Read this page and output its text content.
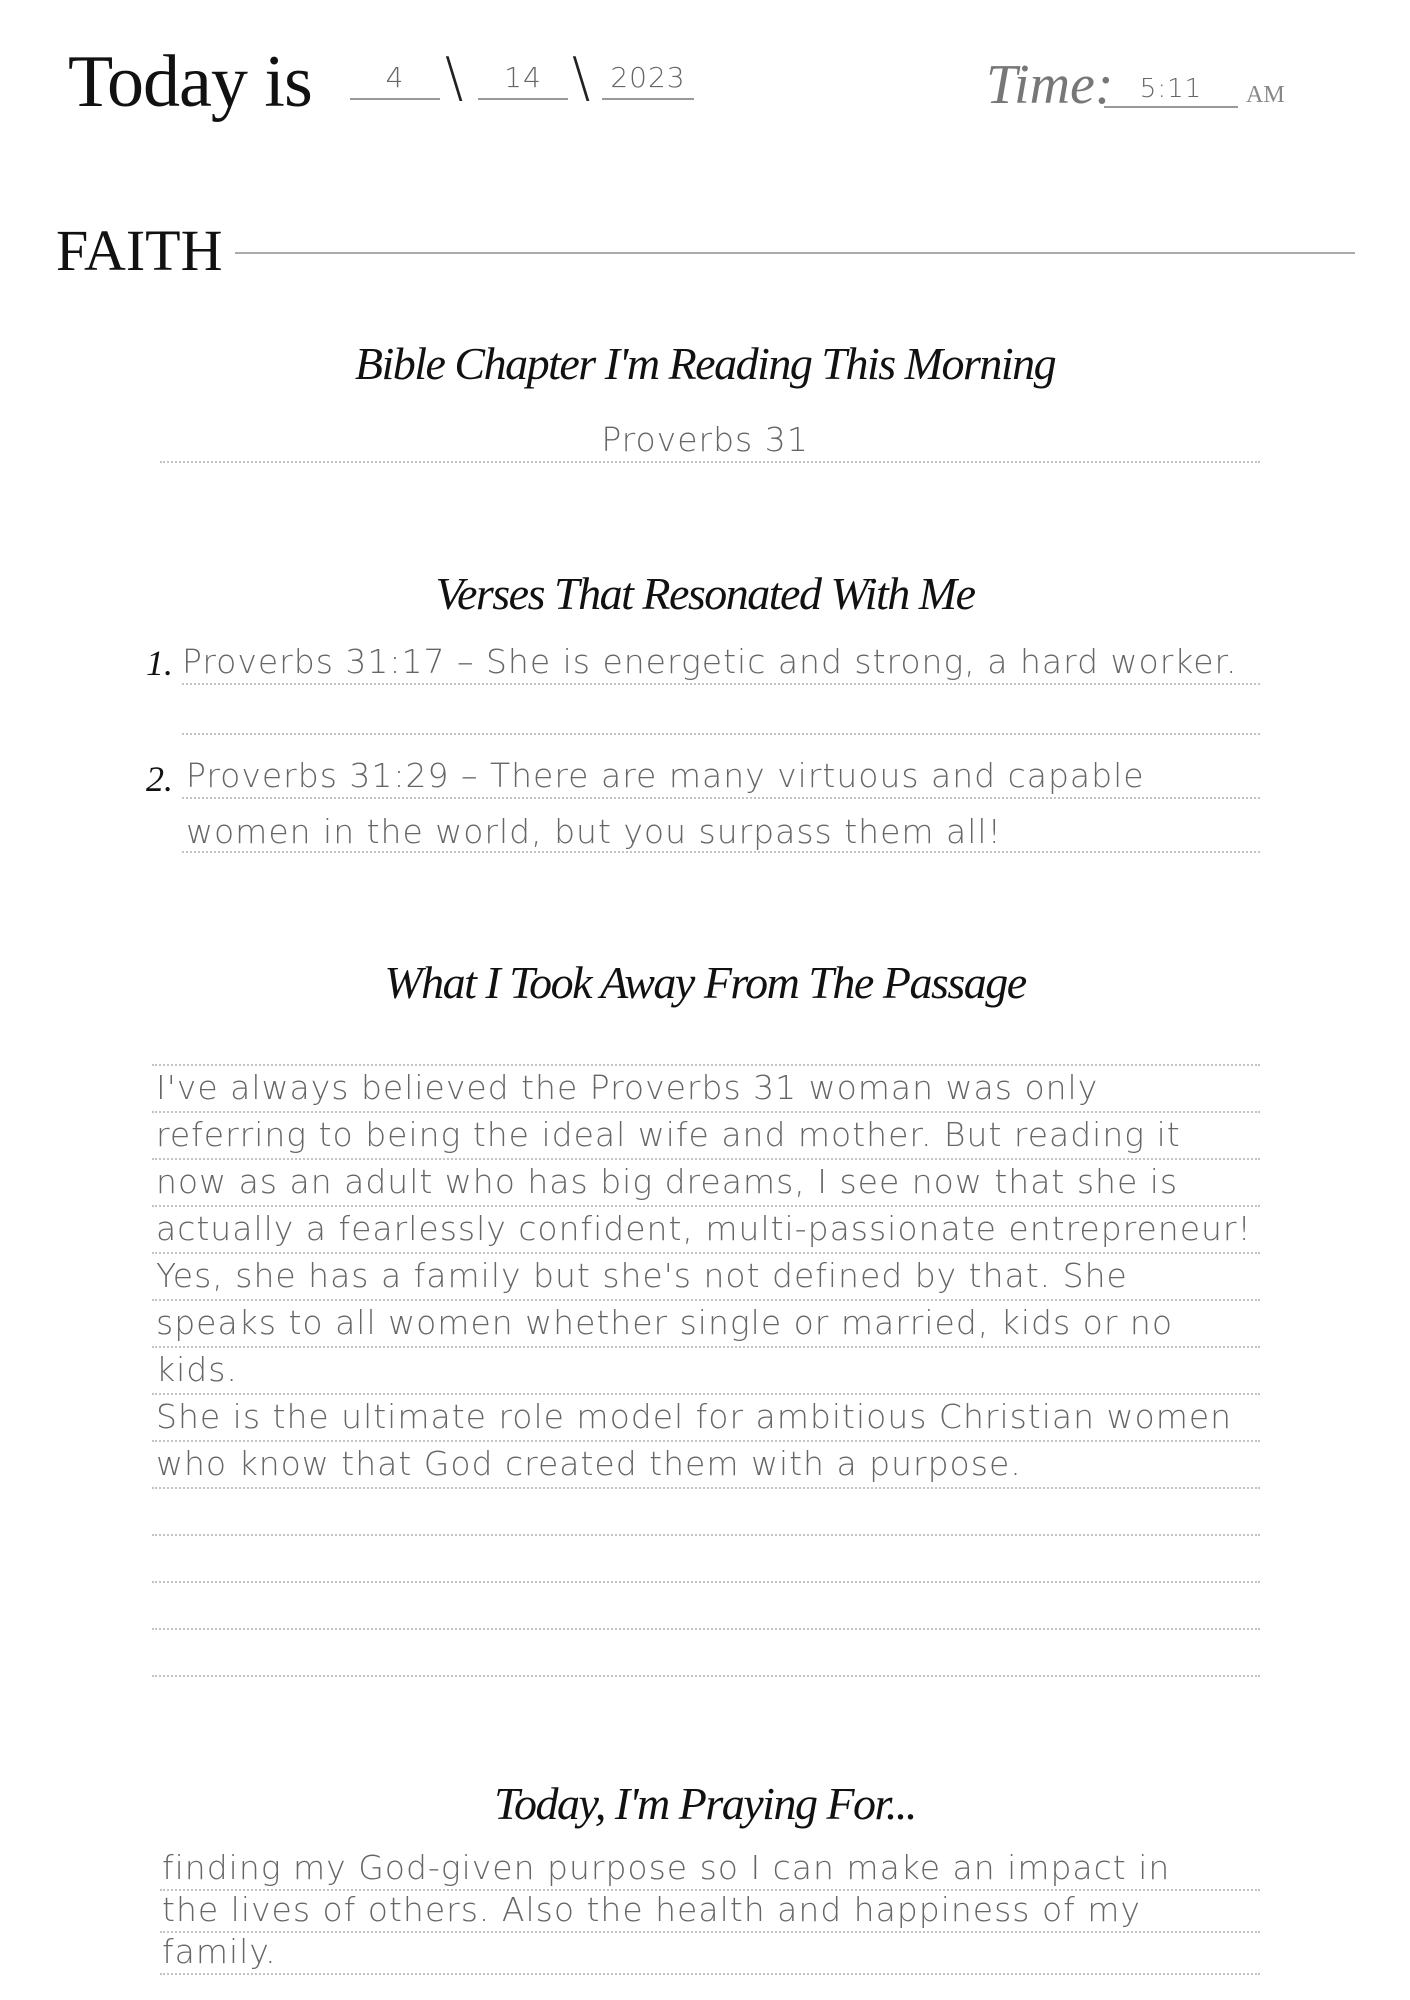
Today is	4 \	14 \ 2023	Time:	5:11	AM
FAITH
Bible Chapter I'm Reading This Morning
Proverbs 31
Verses That Resonated With Me
1. Proverbs 31:17 – She is energetic and strong, a hard worker.
2. Proverbs 31:29 – There are many virtuous and capable
women in the world, but you surpass them all!
What I Took Away From The Passage
I've always believed the Proverbs 31 woman was only
referring to being the ideal wife and mother. But reading it
now as an adult who has big dreams, I see now that she is
actually a fearlessly confident, multi-passionate entrepreneur!
Yes, she has a family but she's not defined by that. She
speaks to all women whether single or married, kids or no
kids.
She is the ultimate role model for ambitious Christian women
who know that God created them with a purpose.
Today, I'm Praying For...
finding my God-given purpose so I can make an impact in
the lives of others. Also the health and happiness of my
family.
